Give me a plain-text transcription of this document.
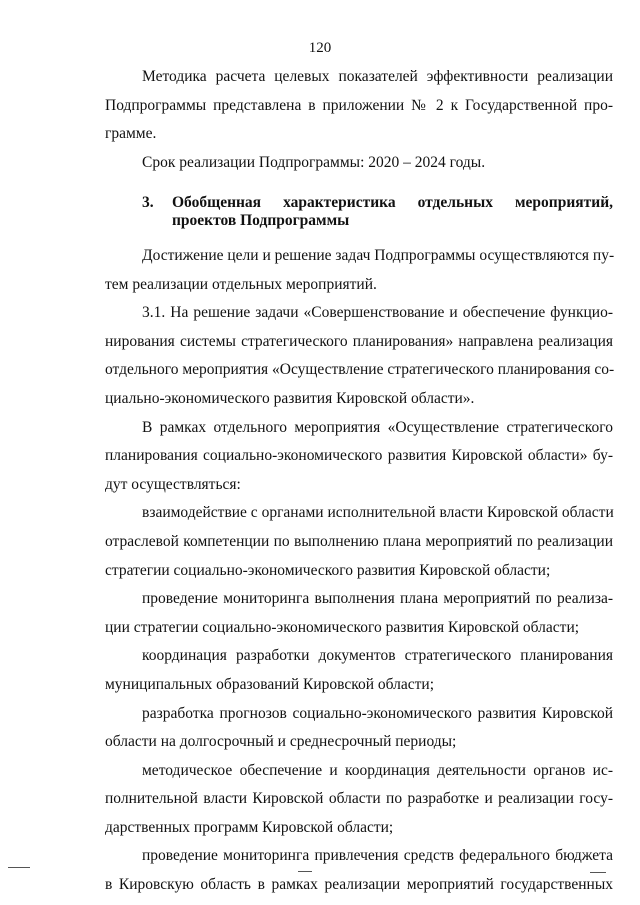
120
Методика расчета целевых показателей эффективности реализации
Подпрограммы представлена в приложении № 2 к Государственной про-
грамме.
Срок реализации Подпрограммы: 2020 – 2024 годы.
3.	Обобщенная характеристика отдельных мероприятий,
проектов Подпрограммы
Достижение цели и решение задач Подпрограммы осуществляются пу-
тем реализации отдельных мероприятий.
3.1. На решение задачи «Совершенствование и обеспечение функцио-
нирования системы стратегического планирования» направлена реализация
отдельного мероприятия «Осуществление стратегического планирования со-
циально-экономического развития Кировской области».
В рамках отдельного мероприятия «Осуществление стратегического
планирования социально-экономического развития Кировской области» бу-
дут осуществляться:
взаимодействие с органами исполнительной власти Кировской области
отраслевой компетенции по выполнению плана мероприятий по реализации
стратегии социально-экономического развития Кировской области;
проведение мониторинга выполнения плана мероприятий по реализа-
ции стратегии социально-экономического развития Кировской области;
координация разработки документов стратегического планирования
муниципальных образований Кировской области;
разработка прогнозов социально-экономического развития Кировской
области на долгосрочный и среднесрочный периоды;
методическое обеспечение и координация деятельности органов ис-
полнительной власти Кировской области по разработке и реализации госу-
дарственных программ Кировской области;
проведение мониторинга привлечения средств федерального бюджета
в Кировскую область в рамках реализации мероприятий государственных
